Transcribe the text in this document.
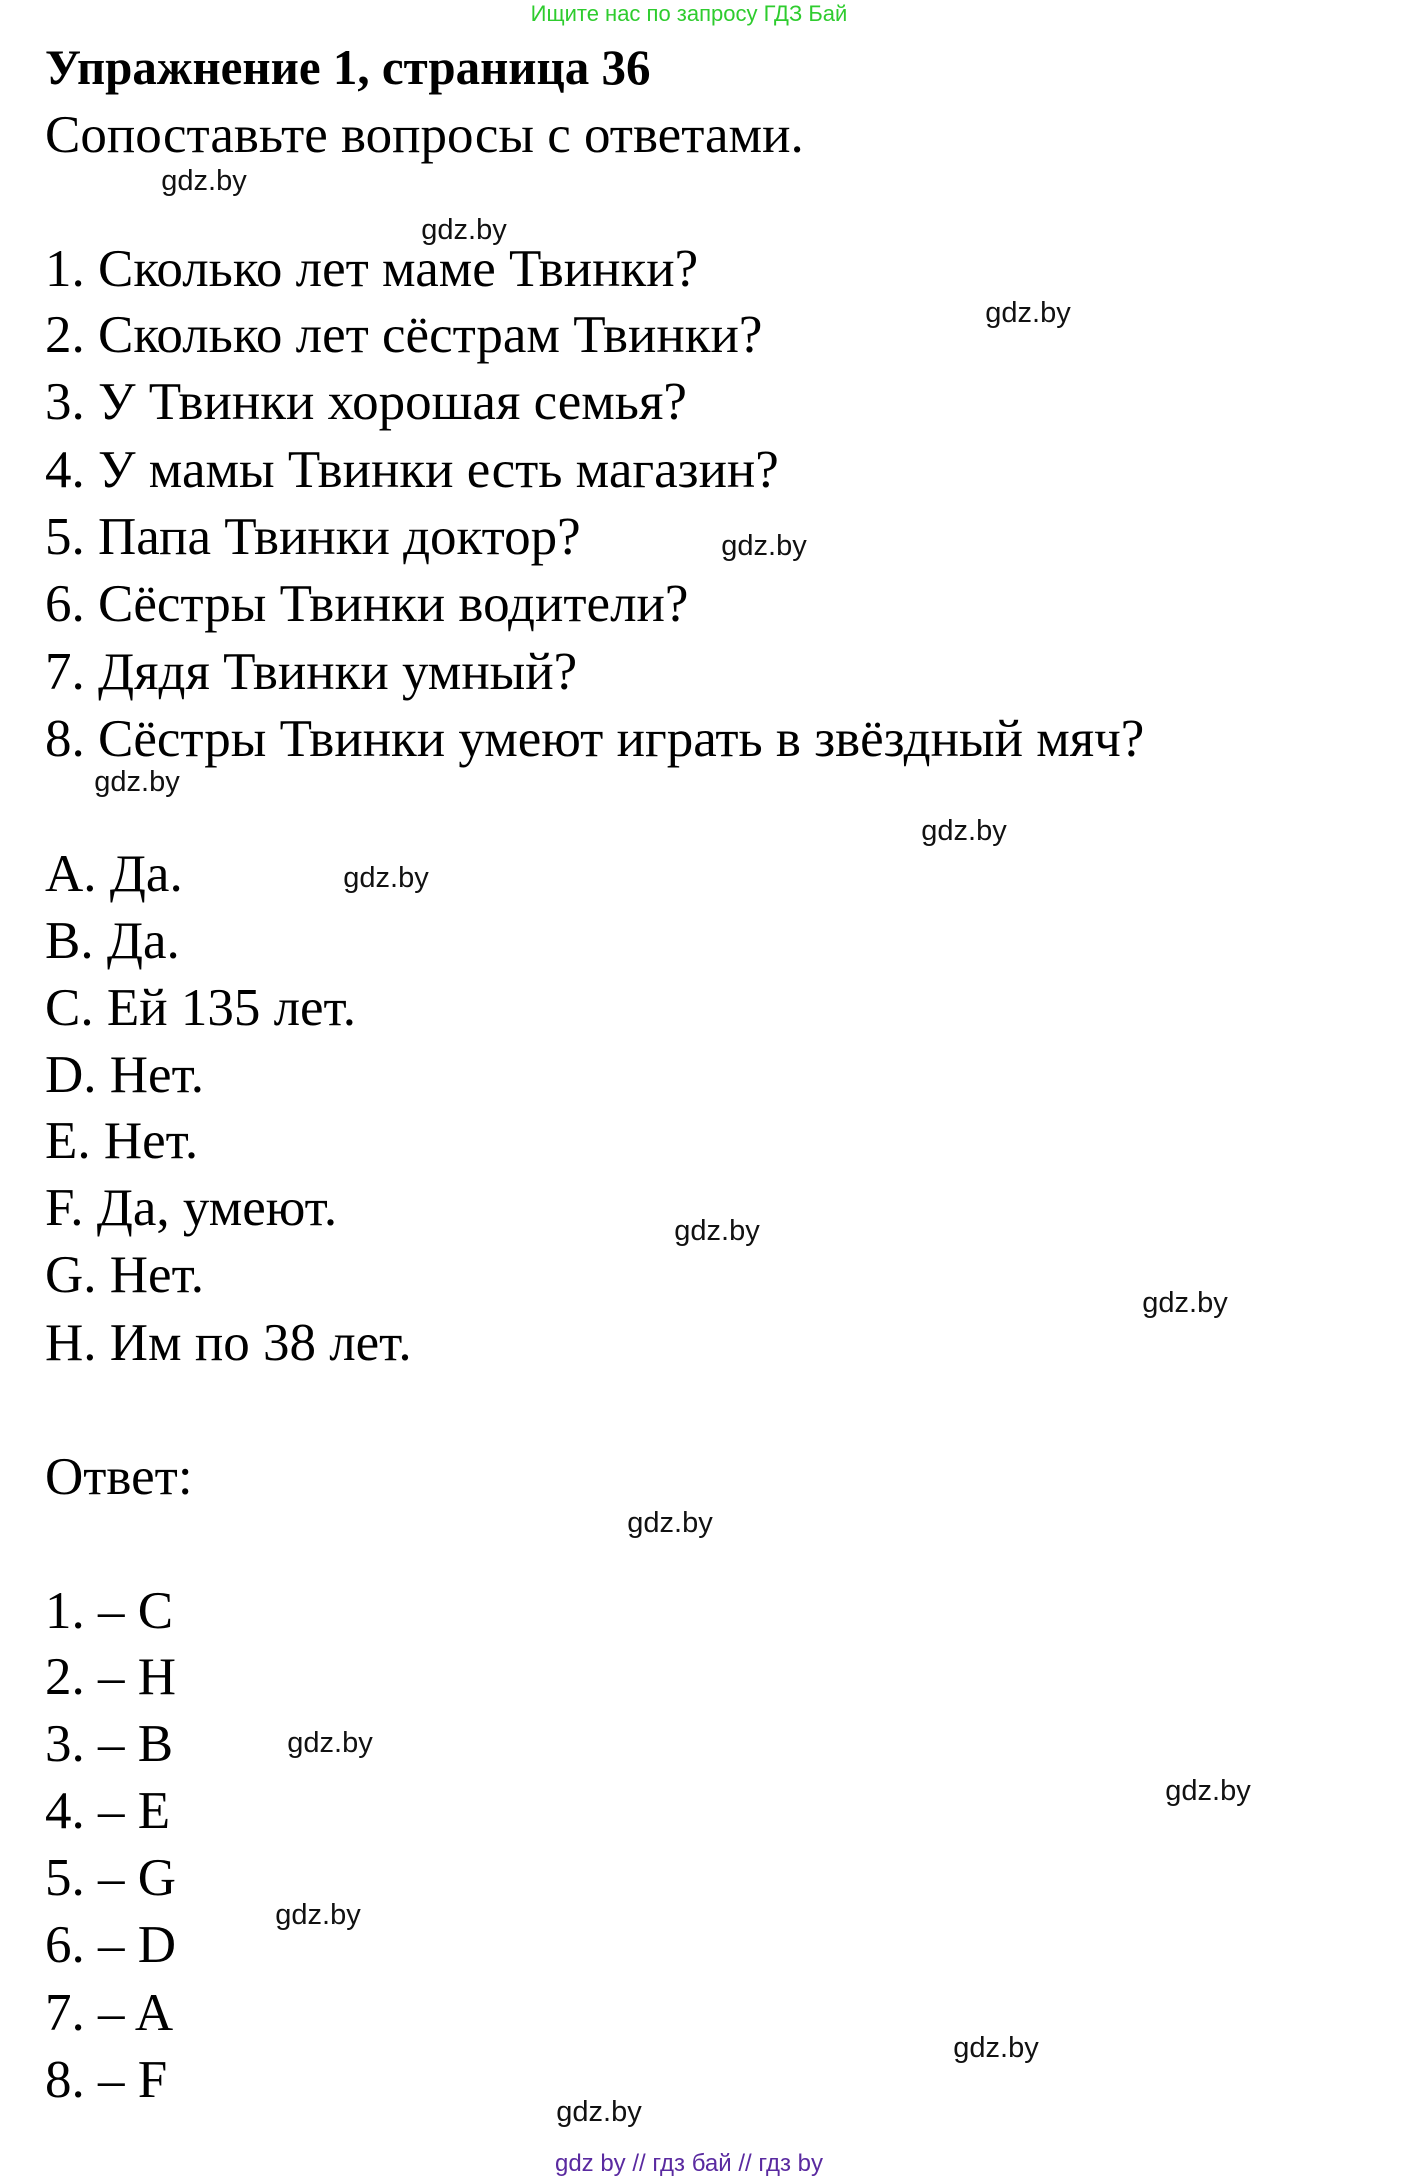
Ищите нас по запросу ГДЗ Бай
Упражнение 1, страница 36
Сопоставьте вопросы с ответами.
1. Сколько лет маме Твинки?
2. Сколько лет сёстрам Твинки?
3. У Твинки хорошая семья?
4. У мамы Твинки есть магазин?
5. Папа Твинки доктор?
6. Сёстры Твинки водители?
7. Дядя Твинки умный?
8. Сёстры Твинки умеют играть в звёздный мяч?
A. Да.
B. Да.
C. Ей 135 лет.
D. Нет.
E. Нет.
F. Да, умеют.
G. Нет.
H. Им по 38 лет.
Ответ:
1. – C
2. – H
3. – B
4. – E
5. – G
6. – D
7. – A
8. – F
gdz.by
gdz.by
gdz.by
gdz.by
gdz.by
gdz.by
gdz.by
gdz.by
gdz.by
gdz.by
gdz.by
gdz.by
gdz.by
gdz.by
gdz.by
gdz by // гдз бай // гдз by
